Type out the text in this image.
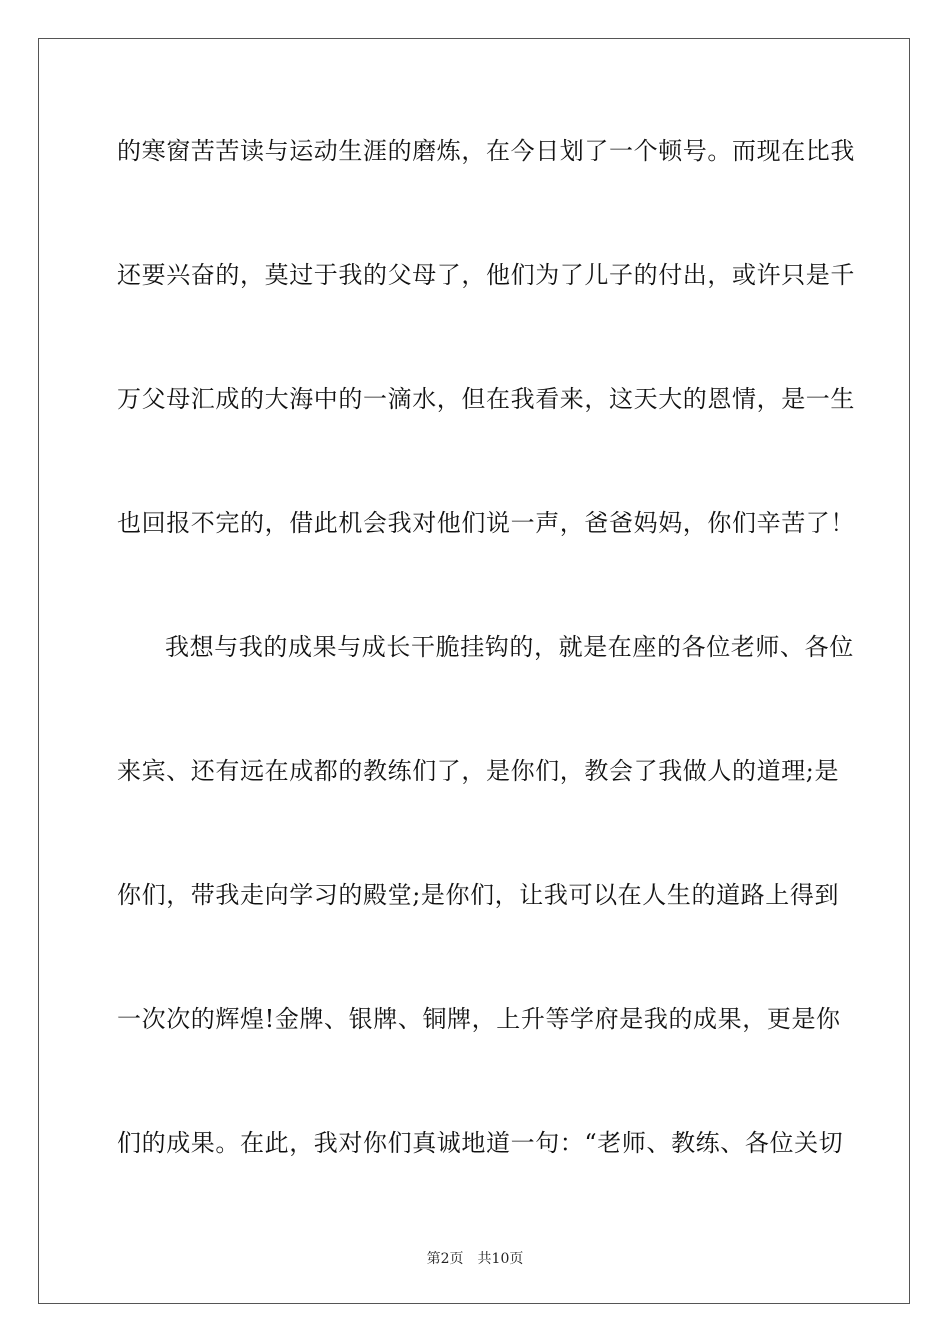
的寒窗苦苦读与运动生涯的磨炼，在今日划了一个顿号。而现在比我
还要兴奋的，莫过于我的父母了，他们为了儿子的付出，或许只是千
万父母汇成的大海中的一滴水，但在我看来，这天大的恩情，是一生
也回报不完的，借此机会我对他们说一声，爸爸妈妈，你们辛苦了！
我想与我的成果与成长干脆挂钩的，就是在座的各位老师、各位
来宾、还有远在成都的教练们了，是你们，教会了我做人的道理;是
你们，带我走向学习的殿堂;是你们，让我可以在人生的道路上得到
一次次的辉煌!金牌、银牌、铜牌，上升等学府是我的成果，更是你
们的成果。在此，我对你们真诚地道一句：“老师、教练、各位关切
第2页 共10页
